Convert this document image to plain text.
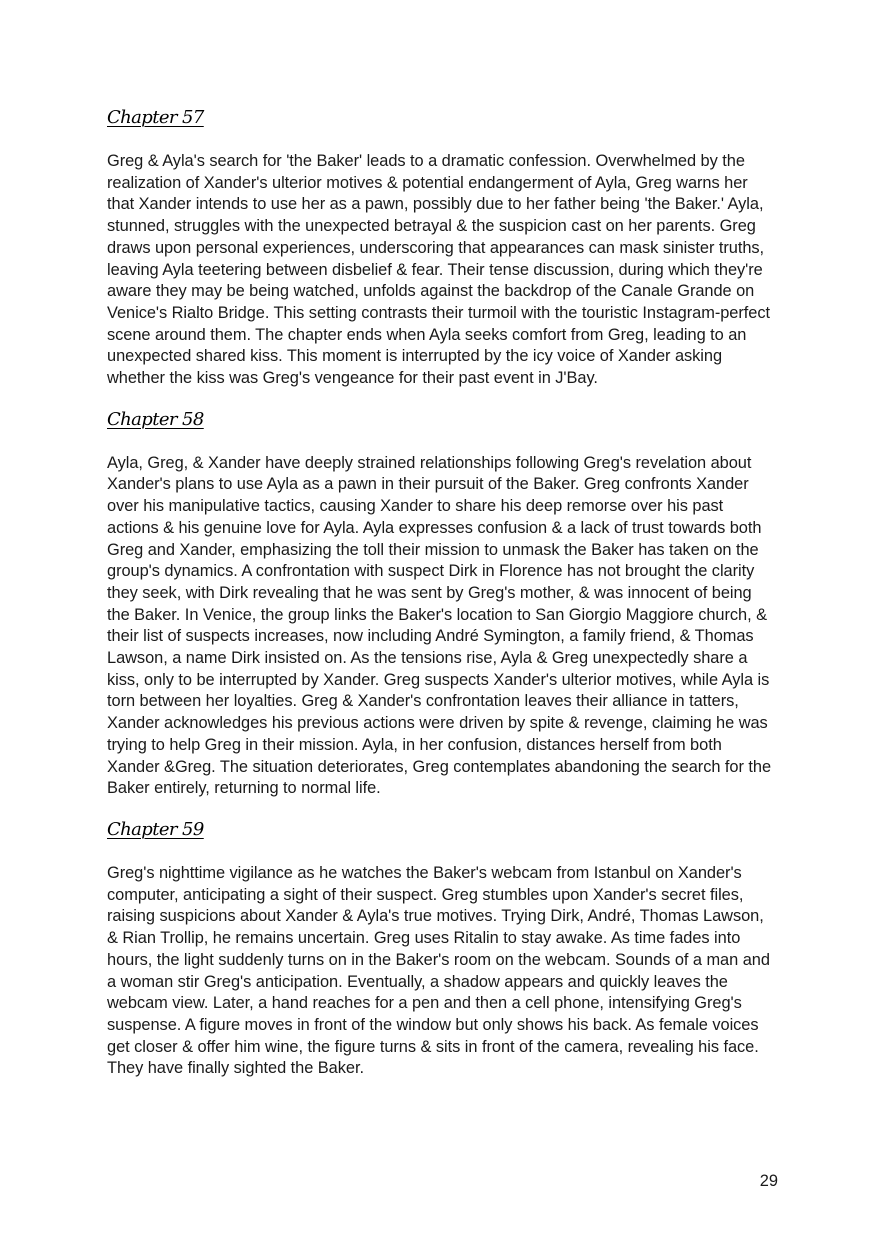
Chapter 57

Greg & Ayla's search for 'the Baker' leads to a dramatic confession. Overwhelmed by the realization of Xander's ulterior motives & potential endangerment of Ayla, Greg warns her that Xander intends to use her as a pawn, possibly due to her father being 'the Baker.' Ayla, stunned, struggles with the unexpected betrayal & the suspicion cast on her parents. Greg draws upon personal experiences, underscoring that appearances can mask sinister truths, leaving Ayla teetering between disbelief & fear. Their tense discussion, during which they're aware they may be being watched, unfolds against the backdrop of the Canale Grande on Venice's Rialto Bridge. This setting contrasts their turmoil with the touristic Instagram-perfect scene around them. The chapter ends when Ayla seeks comfort from Greg, leading to an unexpected shared kiss. This moment is interrupted by the icy voice of Xander asking whether the kiss was Greg's vengeance for their past event in J'Bay.

Chapter 58

Ayla, Greg, & Xander have deeply strained relationships following Greg's revelation about Xander's plans to use Ayla as a pawn in their pursuit of the Baker. Greg confronts Xander over his manipulative tactics, causing Xander to share his deep remorse over his past actions & his genuine love for Ayla. Ayla expresses confusion & a lack of trust towards both Greg and Xander, emphasizing the toll their mission to unmask the Baker has taken on the group's dynamics. A confrontation with suspect Dirk in Florence has not brought the clarity they seek, with Dirk revealing that he was sent by Greg's mother, & was innocent of being the Baker. In Venice, the group links the Baker's location to San Giorgio Maggiore church, & their list of suspects increases, now including André Symington, a family friend, & Thomas Lawson, a name Dirk insisted on. As the tensions rise, Ayla & Greg unexpectedly share a kiss, only to be interrupted by Xander. Greg suspects Xander's ulterior motives, while Ayla is torn between her loyalties. Greg & Xander's confrontation leaves their alliance in tatters, Xander acknowledges his previous actions were driven by spite & revenge, claiming he was trying to help Greg in their mission. Ayla, in her confusion, distances herself from both Xander &Greg. The situation deteriorates, Greg contemplates abandoning the search for the Baker entirely, returning to normal life.

Chapter 59

Greg's nighttime vigilance as he watches the Baker's webcam from Istanbul on Xander's computer, anticipating a sight of their suspect. Greg stumbles upon Xander's secret files, raising suspicions about Xander & Ayla's true motives. Trying Dirk, André, Thomas Lawson, & Rian Trollip, he remains uncertain. Greg uses Ritalin to stay awake. As time fades into hours, the light suddenly turns on in the Baker's room on the webcam. Sounds of a man and a woman stir Greg's anticipation. Eventually, a shadow appears and quickly leaves the webcam view. Later, a hand reaches for a pen and then a cell phone, intensifying Greg's suspense. A figure moves in front of the window but only shows his back. As female voices get closer & offer him wine, the figure turns & sits in front of the camera, revealing his face. They have finally sighted the Baker.

29
